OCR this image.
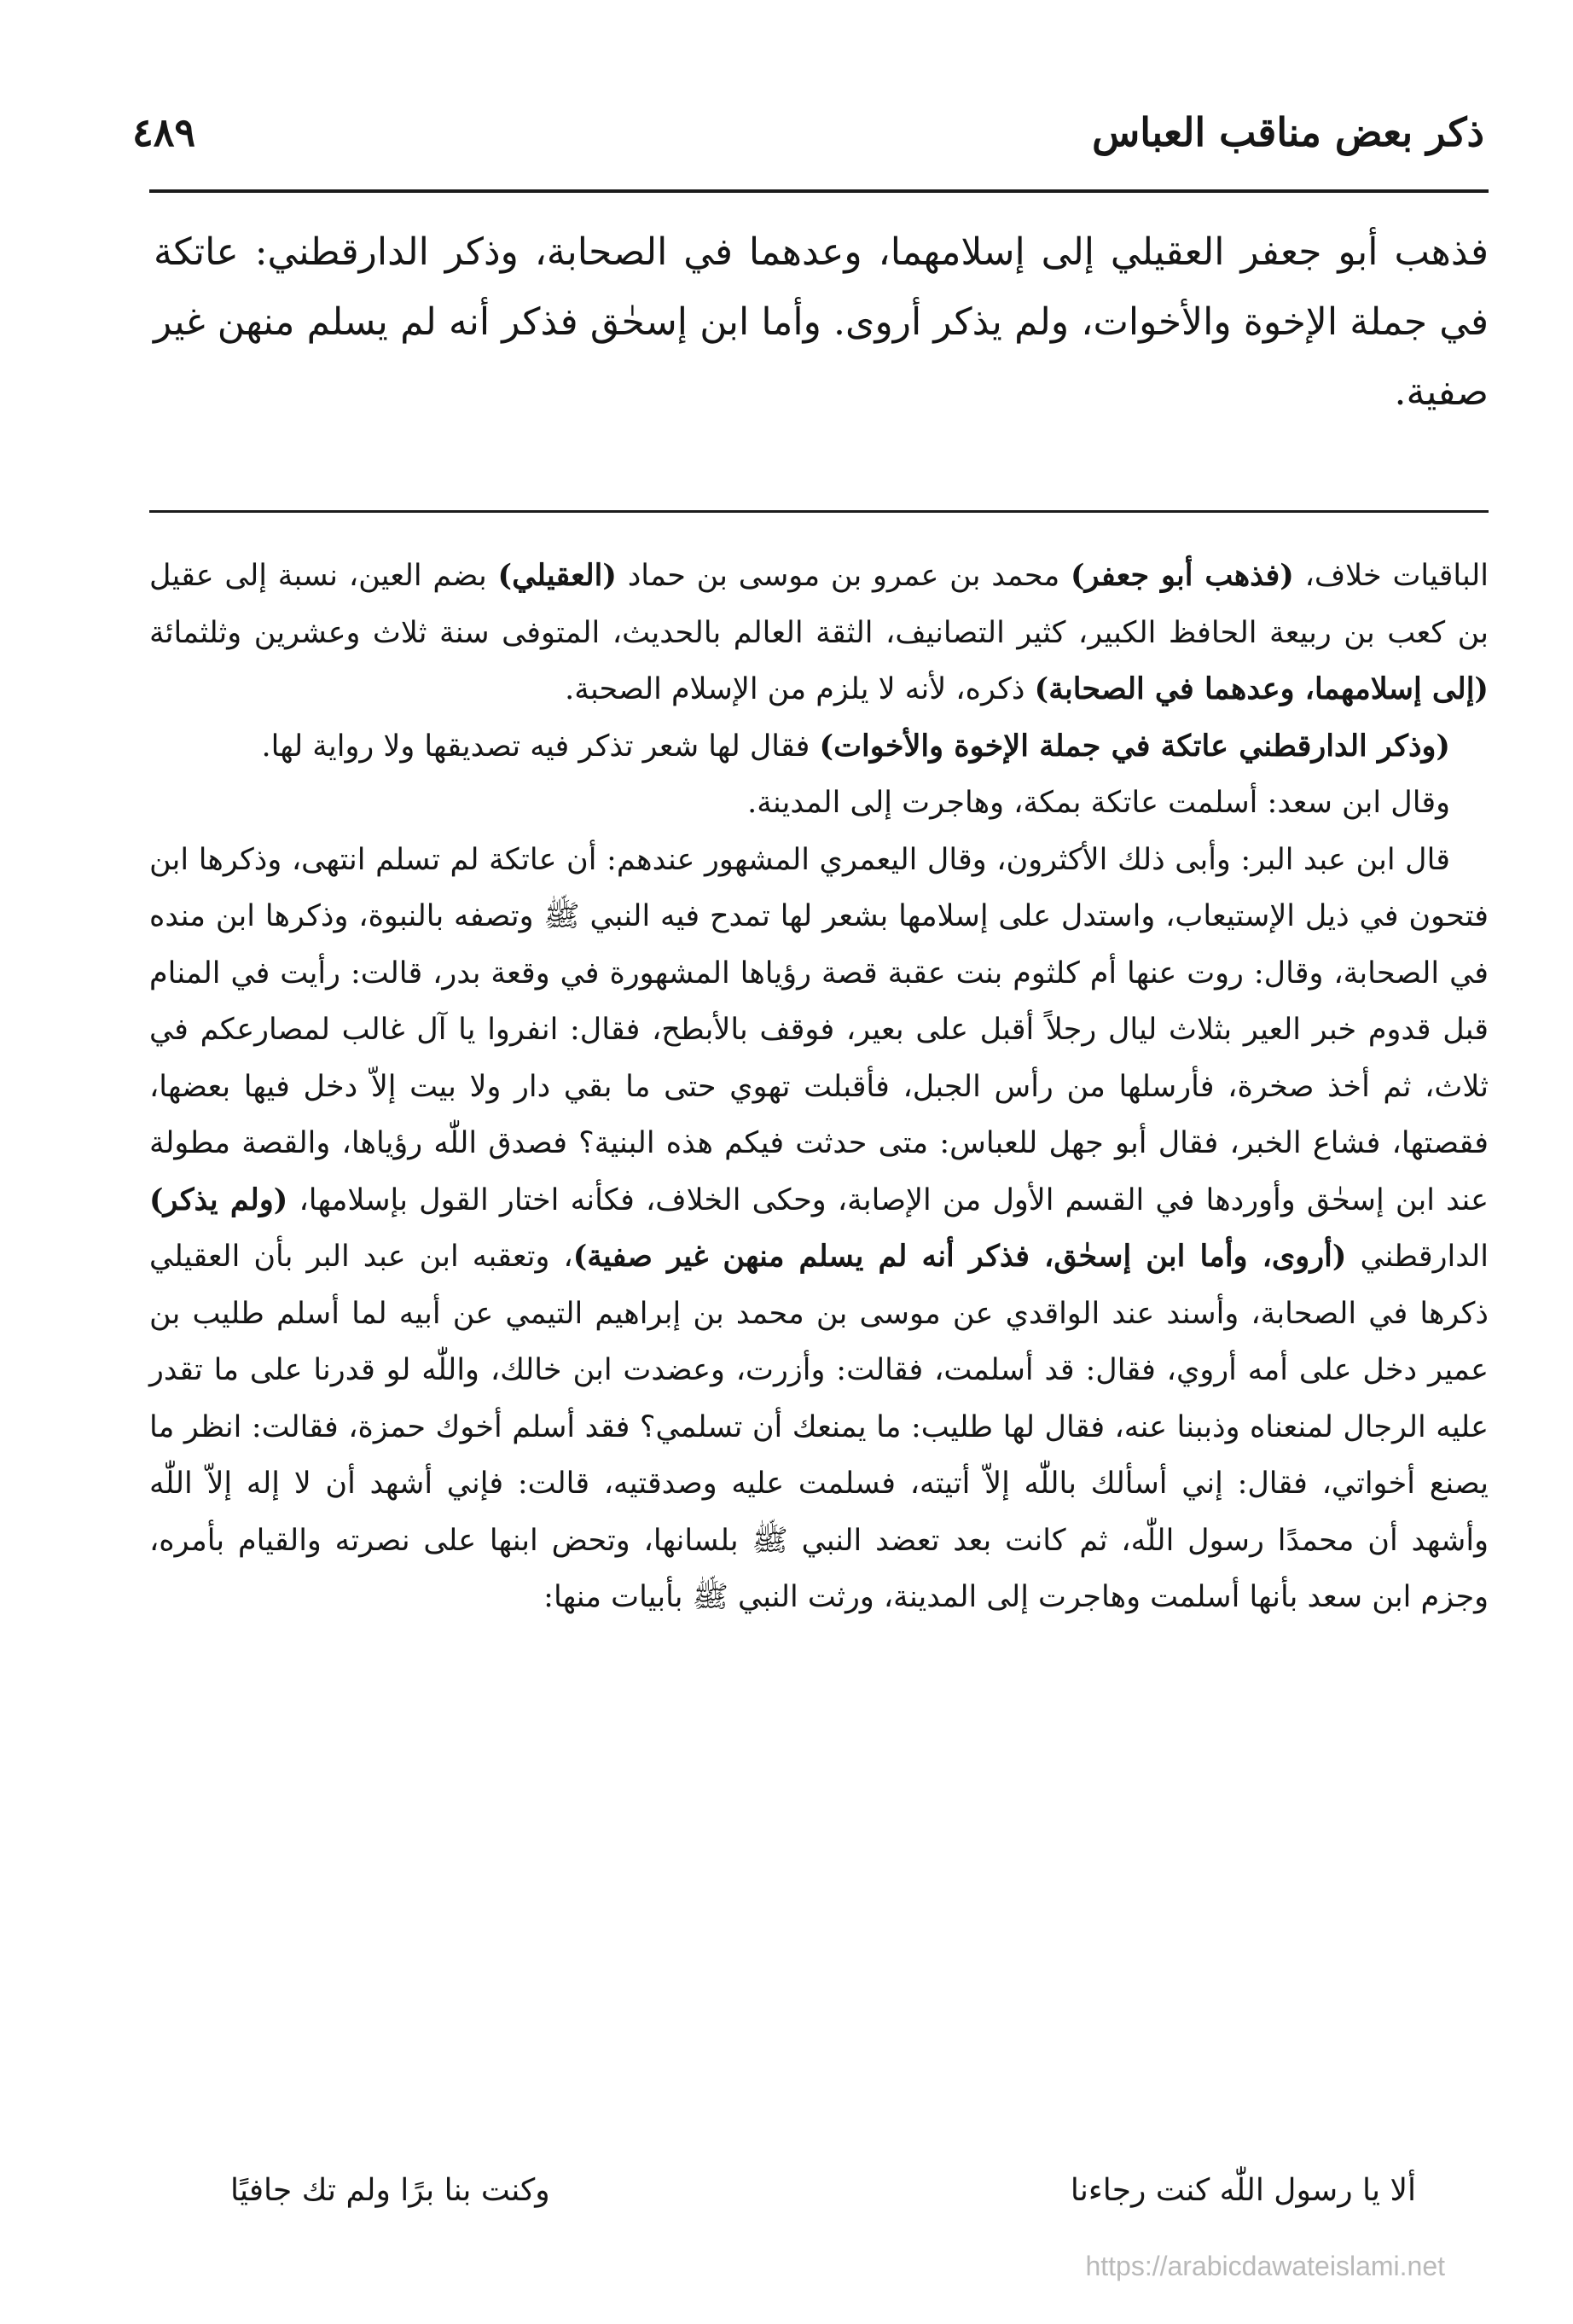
ذكر بعض مناقب العباس
٤٨٩

فذهب أبو جعفر العقيلي إلى إسلامهما، وعدهما في الصحابة، وذكر الدارقطني: عاتكة في جملة الإخوة والأخوات، ولم يذكر أروى. وأما ابن إسحٰق فذكر أنه لم يسلم منهن غير صفية.

الباقيات خلاف، (فذهب أبو جعفر) محمد بن عمرو بن موسى بن حماد (العقيلي) بضم العين، نسبة إلى عقيل بن كعب بن ربيعة الحافظ الكبير، كثير التصانيف، الثقة العالم بالحديث، المتوفى سنة ثلاث وعشرين وثلثمائة (إلى إسلامهما، وعدهما في الصحابة) ذكره، لأنه لا يلزم من الإسلام الصحبة.

(وذكر الدارقطني عاتكة في جملة الإخوة والأخوات) فقال لها شعر تذكر فيه تصديقها ولا رواية لها.

وقال ابن سعد: أسلمت عاتكة بمكة، وهاجرت إلى المدينة.

قال ابن عبد البر: وأبى ذلك الأكثرون، وقال اليعمري المشهور عندهم: أن عاتكة لم تسلم انتهى، وذكرها ابن فتحون في ذيل الإستيعاب، واستدل على إسلامها بشعر لها تمدح فيه النبي ﷺ وتصفه بالنبوة، وذكرها ابن منده في الصحابة، وقال: روت عنها أم كلثوم بنت عقبة قصة رؤياها المشهورة في وقعة بدر، قالت: رأيت في المنام قبل قدوم خبر العير بثلاث ليال رجلاً أقبل على بعير، فوقف بالأبطح، فقال: انفروا يا آل غالب لمصارعكم في ثلاث، ثم أخذ صخرة، فأرسلها من رأس الجبل، فأقبلت تهوي حتى ما بقي دار ولا بيت إلاّ دخل فيها بعضها، فقصتها، فشاع الخبر، فقال أبو جهل للعباس: متى حدثت فيكم هذه البنية؟ فصدق اللّٰه رؤياها، والقصة مطولة عند ابن إسحٰق وأوردها في القسم الأول من الإصابة، وحكى الخلاف، فكأنه اختار القول بإسلامها، (ولم يذكر) الدارقطني (أروى، وأما ابن إسحٰق، فذكر أنه لم يسلم منهن غير صفية)، وتعقبه ابن عبد البر بأن العقيلي ذكرها في الصحابة، وأسند عند الواقدي عن موسى بن محمد بن إبراهيم التيمي عن أبيه لما أسلم طليب بن عمير دخل على أمه أروي، فقال: قد أسلمت، فقالت: وأزرت، وعضدت ابن خالك، واللّٰه لو قدرنا على ما تقدر عليه الرجال لمنعناه وذببنا عنه، فقال لها طليب: ما يمنعك أن تسلمي؟ فقد أسلم أخوك حمزة، فقالت: انظر ما يصنع أخواتي، فقال: إني أسألك باللّٰه إلاّ أتيته، فسلمت عليه وصدقتيه، قالت: فإني أشهد أن لا إله إلاّ اللّٰه وأشهد أن محمدًا رسول اللّٰه، ثم كانت بعد تعضد النبي ﷺ بلسانها، وتحض ابنها على نصرته والقيام بأمره، وجزم ابن سعد بأنها أسلمت وهاجرت إلى المدينة، ورثت النبي ﷺ بأبيات منها:

ألا يا رسول اللّٰه كنت رجاءنا
وكنت بنا برًا ولم تك جافيًا
https://arabicdawateislami.net
